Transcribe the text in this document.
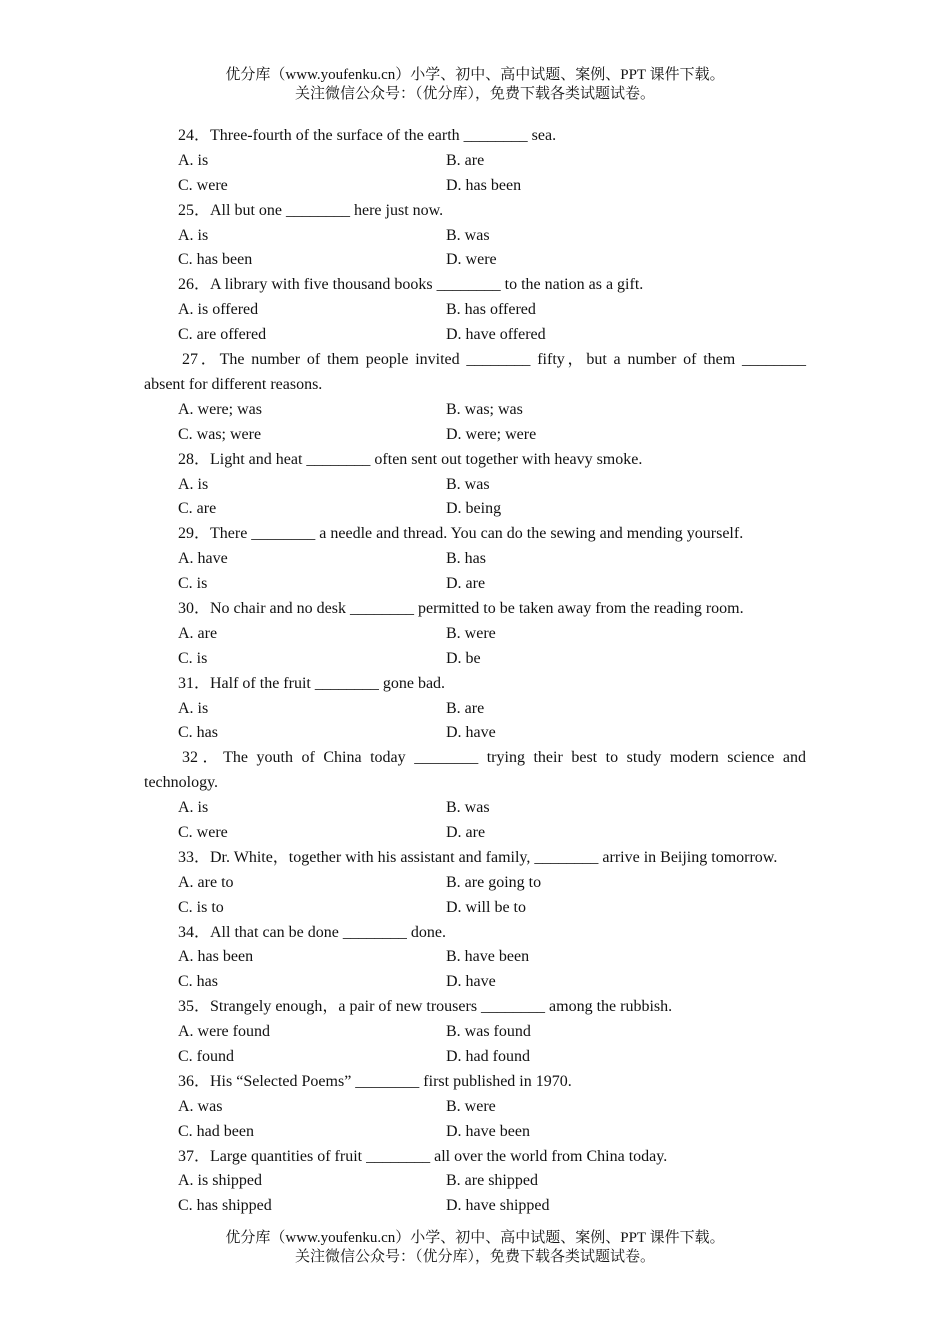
优分库（www.youfenku.cn）小学、初中、高中试题、案例、PPT 课件下载。
关注微信公众号：（优分库），免费下载各类试题试卷。
24．Three-fourth of the surface of the earth ________ sea.
A. is	B. are
C. were	D. has been
25．All but one ________ here just now.
A. is	B. was
C. has been	D. were
26．A library with five thousand books ________ to the nation as a gift.
A. is offered	B. has offered
C. are offered	D. have offered
27．The number of them people invited ________ fifty，but a number of them ________ absent for different reasons.
A. were; was	B. was; was
C. was; were	D. were; were
28．Light and heat ________ often sent out together with heavy smoke.
A. is	B. was
C. are	D. being
29．There ________ a needle and thread. You can do the sewing and mending yourself.
A. have	B. has
C. is	D. are
30．No chair and no desk ________ permitted to be taken away from the reading room.
A. are	B. were
C. is	D. be
31．Half of the fruit ________ gone bad.
A. is	B. are
C. has	D. have
32．The youth of China today ________ trying their best to study modern science and technology.
A. is	B. was
C. were	D. are
33．Dr. White，together with his assistant and family, ________ arrive in Beijing tomorrow.
A. are to	B. are going to
C. is to	D. will be to
34．All that can be done ________ done.
A. has been	B. have been
C. has	D. have
35．Strangely enough，a pair of new trousers ________ among the rubbish.
A. were found	B. was found
C. found	D. had found
36．His “Selected Poems” ________ first published in 1970.
A. was	B. were
C. had been	D. have been
37．Large quantities of fruit ________ all over the world from China today.
A. is shipped	B. are shipped
C. has shipped	D. have shipped
优分库（www.youfenku.cn）小学、初中、高中试题、案例、PPT 课件下载。
关注微信公众号：（优分库），免费下载各类试题试卷。
